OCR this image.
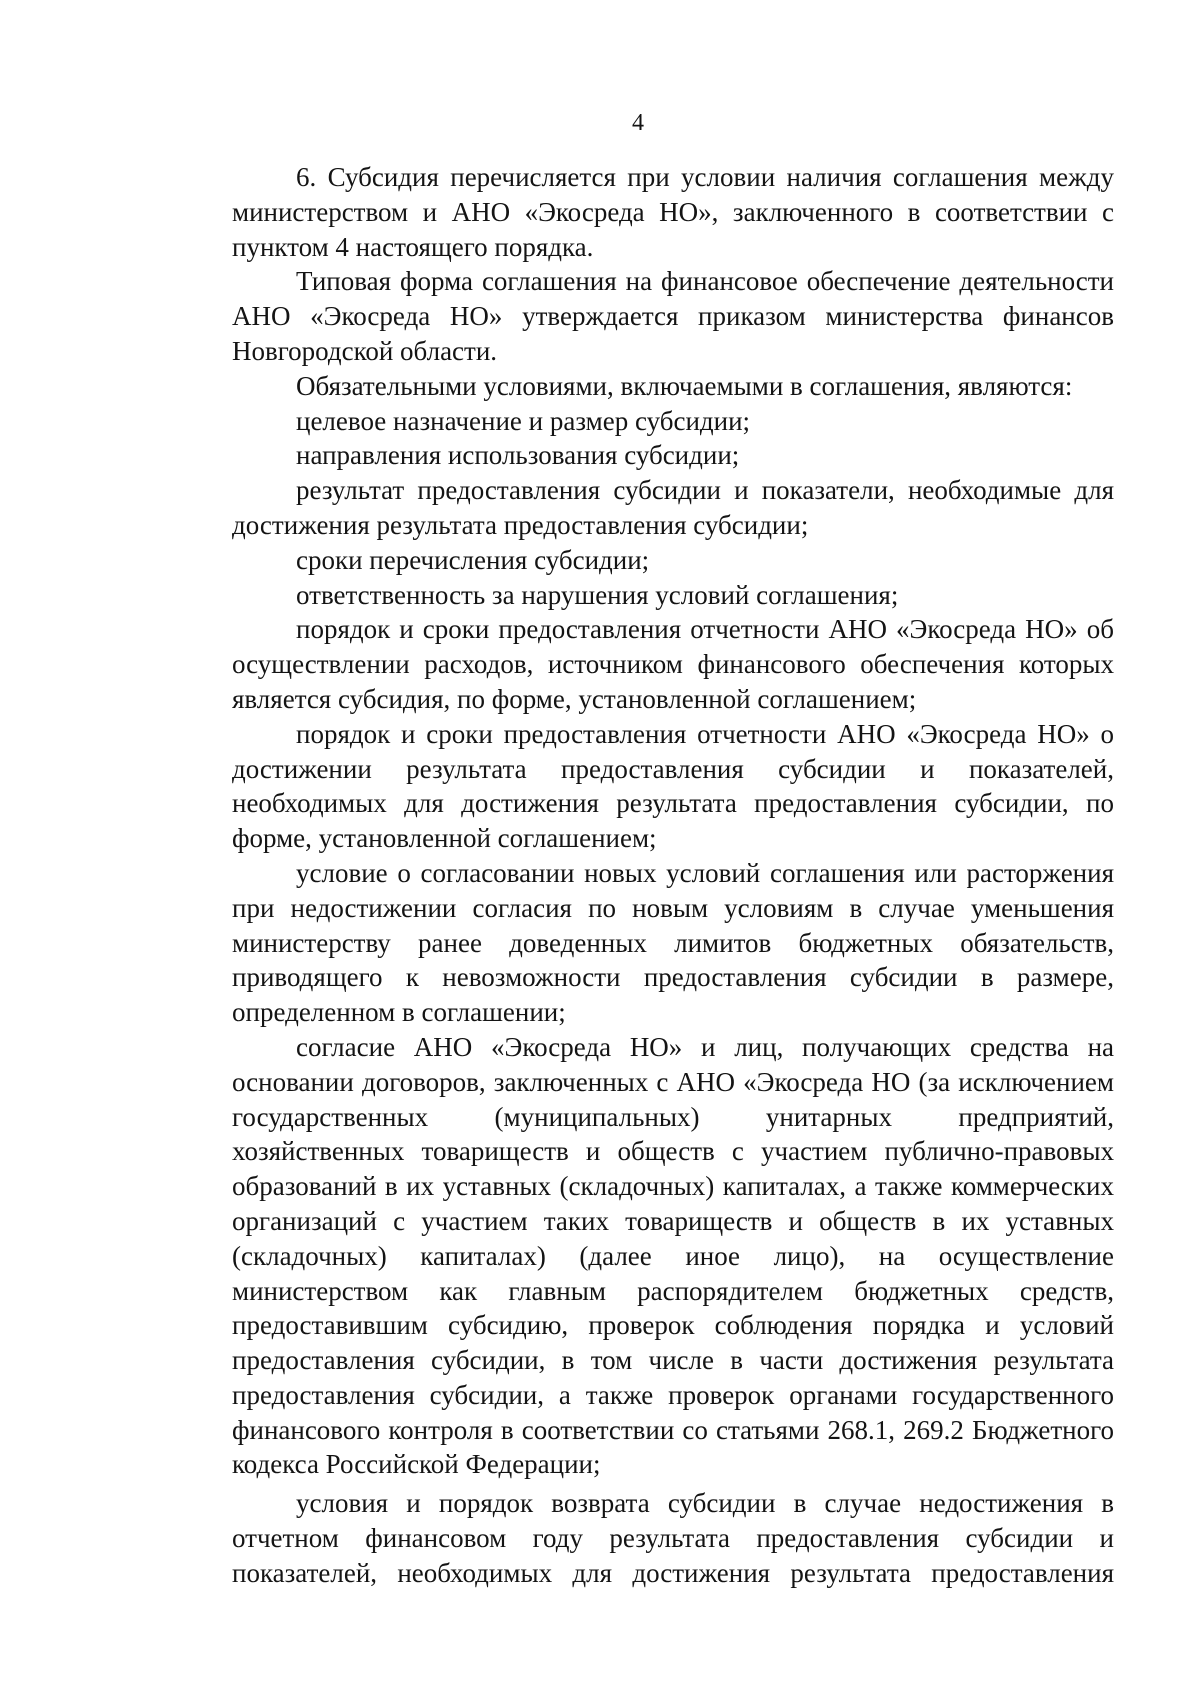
4

6. Субсидия перечисляется при условии наличия соглашения между министерством и АНО «Экосреда НО», заключенного в соответствии с пунктом 4 настоящего порядка.

Типовая форма соглашения на финансовое обеспечение деятельности АНО «Экосреда НО» утверждается приказом министерства финансов Новгородской области.

Обязательными условиями, включаемыми в соглашения, являются:

целевое назначение и размер субсидии;

направления использования субсидии;

результат предоставления субсидии и показатели, необходимые для достижения результата предоставления субсидии;

сроки перечисления субсидии;

ответственность за нарушения условий соглашения;

порядок и сроки предоставления отчетности АНО «Экосреда НО» об осуществлении расходов, источником финансового обеспечения которых является субсидия, по форме, установленной соглашением;

порядок и сроки предоставления отчетности АНО «Экосреда НО» о достижении результата предоставления субсидии и показателей, необходимых для достижения результата предоставления субсидии, по форме, установленной соглашением;

условие о согласовании новых условий соглашения или расторжения при недостижении согласия по новым условиям в случае уменьшения министерству ранее доведенных лимитов бюджетных обязательств, приводящего к невозможности предоставления субсидии в размере, определенном в соглашении;

согласие АНО «Экосреда НО» и лиц, получающих средства на основании договоров, заключенных с АНО «Экосреда НО (за исключением государственных (муниципальных) унитарных предприятий, хозяйственных товариществ и обществ с участием публично-правовых образований в их уставных (складочных) капиталах, а также коммерческих организаций с участием таких товариществ и обществ в их уставных (складочных) капиталах) (далее иное лицо), на осуществление министерством как главным распорядителем бюджетных средств, предоставившим субсидию, проверок соблюдения порядка и условий предоставления субсидии, в том числе в части достижения результата предоставления субсидии, а также проверок органами государственного финансового контроля в соответствии со статьями 268.1, 269.2 Бюджетного кодекса Российской Федерации;

условия и порядок возврата субсидии в случае недостижения в отчетном финансовом году результата предоставления субсидии и показателей, необходимых для достижения результата предоставления
